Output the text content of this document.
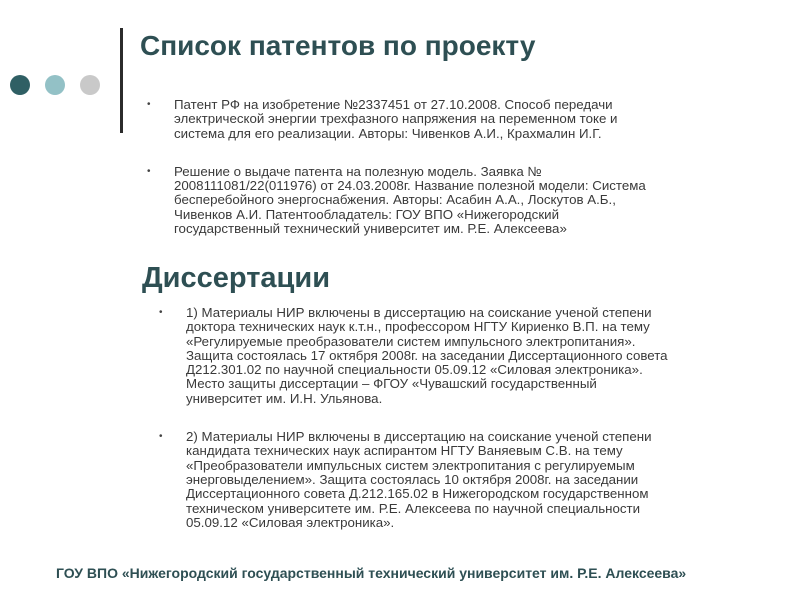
Список патентов по проекту
• Патент РФ на изобретение №2337451 от 27.10.2008. Способ передачи
электрической энергии трехфазного напряжения на переменном токе и
система для его реализации. Авторы: Чивенков А.И., Крахмалин И.Г.
• Решение о выдаче патента на полезную модель. Заявка №
2008111081/22(011976) от 24.03.2008г. Название полезной модели: Система
бесперебойного энергоснабжения. Авторы: Асабин А.А., Лоскутов А.Б.,
Чивенков А.И. Патентообладатель: ГОУ ВПО «Нижегородский
государственный технический университет им. Р.Е. Алексеева»
Диссертации
• 1) Материалы НИР включены в диссертацию на соискание ученой степени
доктора технических наук к.т.н., профессором НГТУ Кириенко В.П. на тему
«Регулируемые преобразователи систем импульсного электропитания».
Защита состоялась 17 октября 2008г. на заседании Диссертационного совета
Д212.301.02 по научной специальности 05.09.12 «Силовая электроника».
Место защиты диссертации – ФГОУ «Чувашский государственный
университет им. И.Н. Ульянова.
• 2) Материалы НИР включены в диссертацию на соискание ученой степени
кандидата технических наук аспирантом НГТУ Ваняевым С.В. на тему
«Преобразователи импульсных систем электропитания с регулируемым
энерговыделением». Защита состоялась 10 октября 2008г. на заседании
Диссертационного совета Д.212.165.02 в Нижегородском государственном
техническом университете им. Р.Е. Алексеева по научной специальности
05.09.12 «Силовая электроника».
ГОУ ВПО «Нижегородский государственный технический университет им. Р.Е. Алексеева»
